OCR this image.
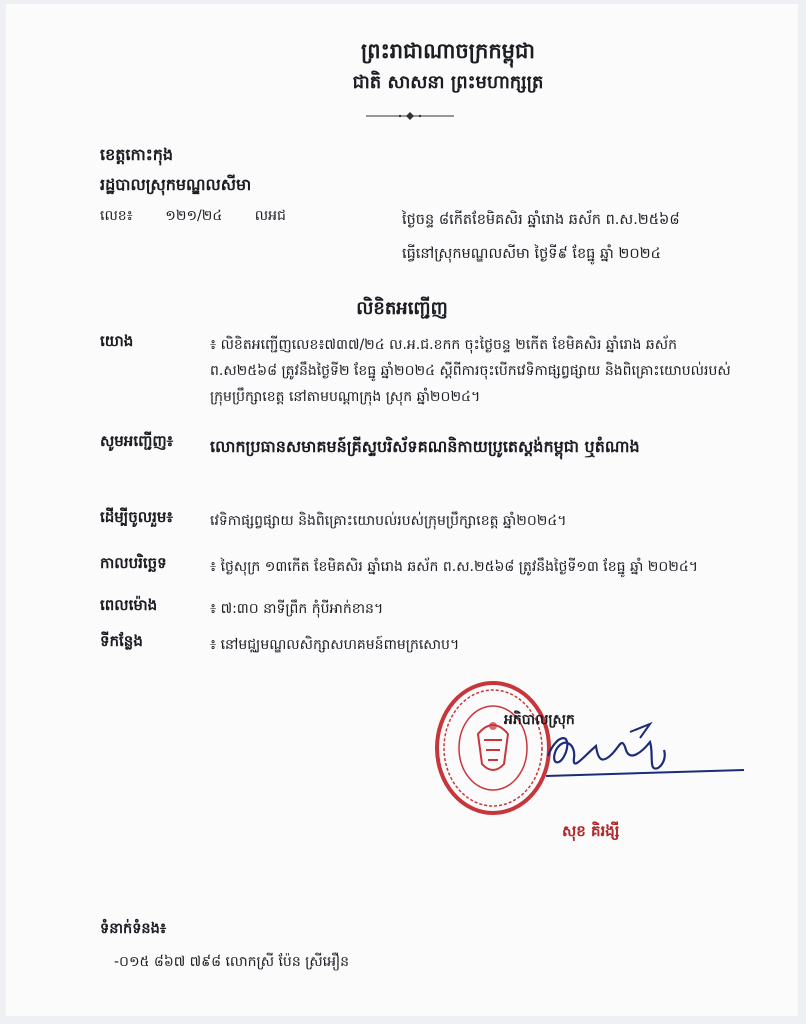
ព្រះរាជាណាចក្រកម្ពុជា
ជាតិ សាសនា ព្រះមហាក្សត្រ
ខេត្តកោះកុង
រដ្ឋបាលស្រុកមណ្ឌលសីមា
លេខ៖ ១២១/២៤ លអជ	ថ្ងៃចន្ទ ៨កើតខែមិគសិរ ឆ្នាំរោង ឆស័ក ព.ស.២៥៦៨
ធ្វើនៅស្រុកមណ្ឌលសីមា ថ្ងៃទី៩ ខែធ្នូ ឆ្នាំ ២០២៤
លិខិតអញ្ជើញ
យោង	៖ លិខិតអញ្ជើញលេខ៖៧៣៧/២៤ ល.អ.ជ.ខកក ចុះថ្ងៃចន្ទ ២កើត ខែមិគសិរ ឆ្នាំរោង ឆស័ក ព.ស២៥៦៨ ត្រូវនឹងថ្ងៃទី២ ខែធ្នូ ឆ្នាំ២០២៤ ស្តីពីការចុះបើកវេទិកាផ្សព្វផ្សាយ និងពិគ្រោះយោបល់របស់ក្រុមប្រឹក្សាខេត្ត នៅតាមបណ្តាក្រុង ស្រុក ឆ្នាំ២០២៤។
សូមអញ្ជើញ៖ លោកប្រធានសមាគមន៍គ្រីស្ទបរិស័ទគណនិកាយប្រូតេស្តង់កម្ពុជា ឬតំណាង
ដើម្បីចូលរួម៖	វេទិកាផ្សព្វផ្សាយ និងពិគ្រោះយោបល់របស់ក្រុមប្រឹក្សាខេត្ត ឆ្នាំ២០២៤។
កាលបរិច្ឆេទ	៖ ថ្ងៃសុក្រ ១៣កើត ខែមិគសិរ ឆ្នាំរោង ឆស័ក ព.ស.២៥៦៨ ត្រូវនឹងថ្ងៃទី១៣ ខែធ្នូ ឆ្នាំ ២០២៤។
ពេលម៉ោង	៖ ៧:៣០ នាទីព្រឹក កុំបីអាក់ខាន។
ទីកន្លែង	៖ នៅមជ្ឈមណ្ឌលសិក្សាសហគមន៍ពាមក្រសោប។
អភិបាលស្រុក
សុខ គិរង្សី
ទំនាក់ទំនង៖
-០១៥ ៨៦៧ ៧៩៨ លោកស្រី ប៉ែន ស្រីអឿន
